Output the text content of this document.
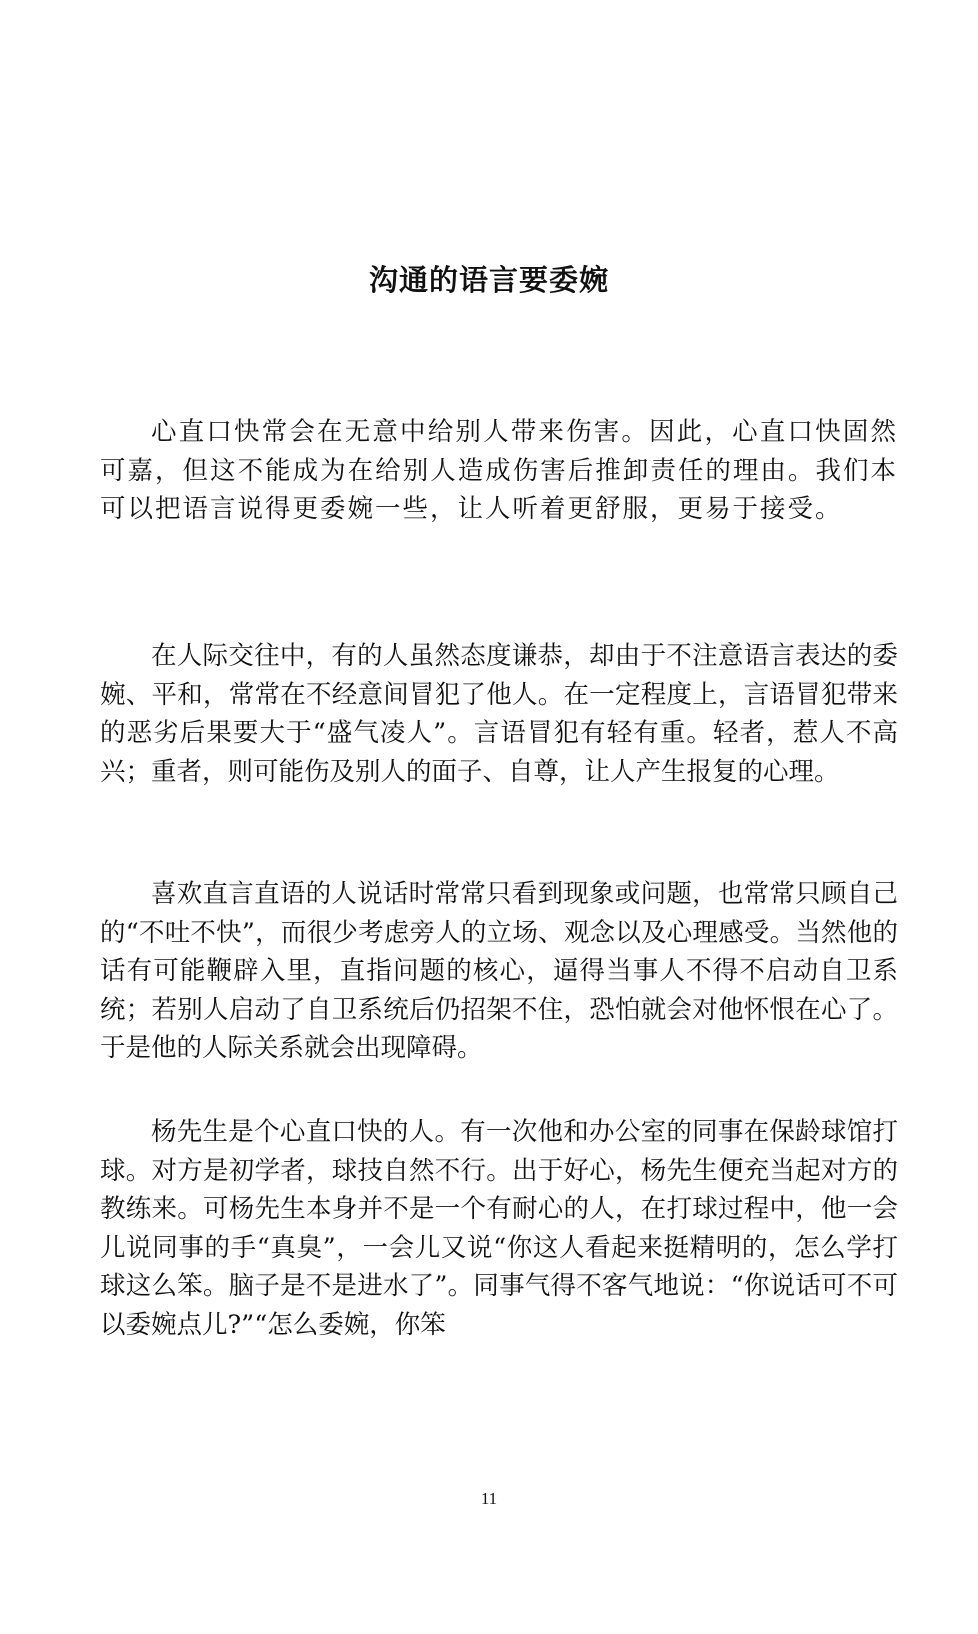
沟通的语言要委婉

心直口快常会在无意中给别人带来伤害。因此，心直口快固然可嘉，但这不能成为在给别人造成伤害后推卸责任的理由。我们本可以把语言说得更委婉一些，让人听着更舒服，更易于接受。

在人际交往中，有的人虽然态度谦恭，却由于不注意语言表达的委婉、平和，常常在不经意间冒犯了他人。在一定程度上，言语冒犯带来的恶劣后果要大于“盛气凌人”。言语冒犯有轻有重。轻者，惹人不高兴；重者，则可能伤及别人的面子、自尊，让人产生报复的心理。

喜欢直言直语的人说话时常常只看到现象或问题，也常常只顾自己的“不吐不快”，而很少考虑旁人的立场、观念以及心理感受。当然他的话有可能鞭辟入里，直指问题的核心，逼得当事人不得不启动自卫系统；若别人启动了自卫系统后仍招架不住，恐怕就会对他怀恨在心了。于是他的人际关系就会出现障碍。

杨先生是个心直口快的人。有一次他和办公室的同事在保龄球馆打球。对方是初学者，球技自然不行。出于好心，杨先生便充当起对方的教练来。可杨先生本身并不是一个有耐心的人，在打球过程中，他一会儿说同事的手“真臭”，一会儿又说“你这人看起来挺精明的，怎么学打球这么笨。脑子是不是进水了”。同事气得不客气地说：“你说话可不可以委婉点儿?”“怎么委婉，你笨

11
